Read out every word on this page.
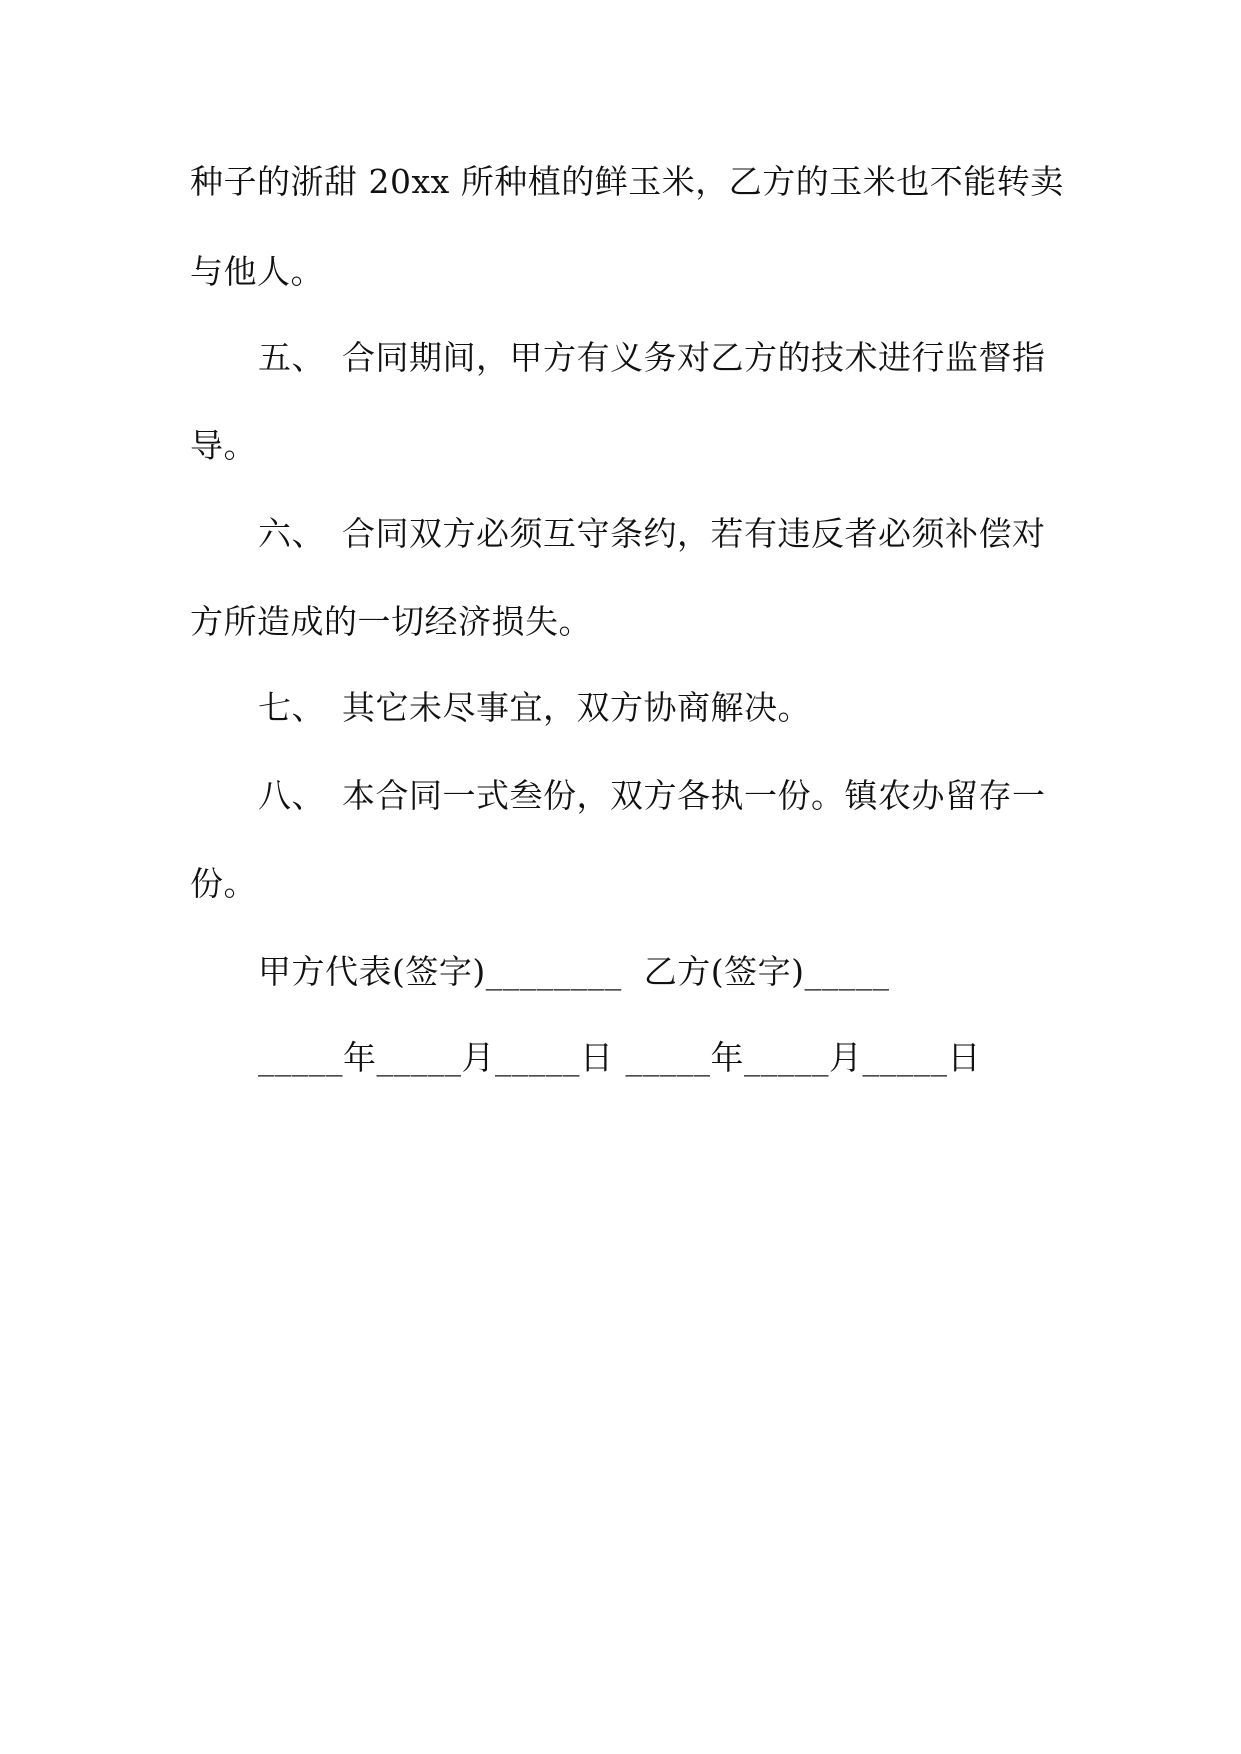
种子的浙甜 20xx 所种植的鲜玉米，乙方的玉米也不能转卖
与他人。
五、 合同期间，甲方有义务对乙方的技术进行监督指
导。
六、 合同双方必须互守条约，若有违反者必须补偿对
方所造成的一切经济损失。
七、 其它未尽事宜，双方协商解决。
八、 本合同一式叁份，双方各执一份。镇农办留存一
份。
甲方代表(签字)________ 乙方(签字)_____
_____年_____月_____日 _____年_____月_____日
